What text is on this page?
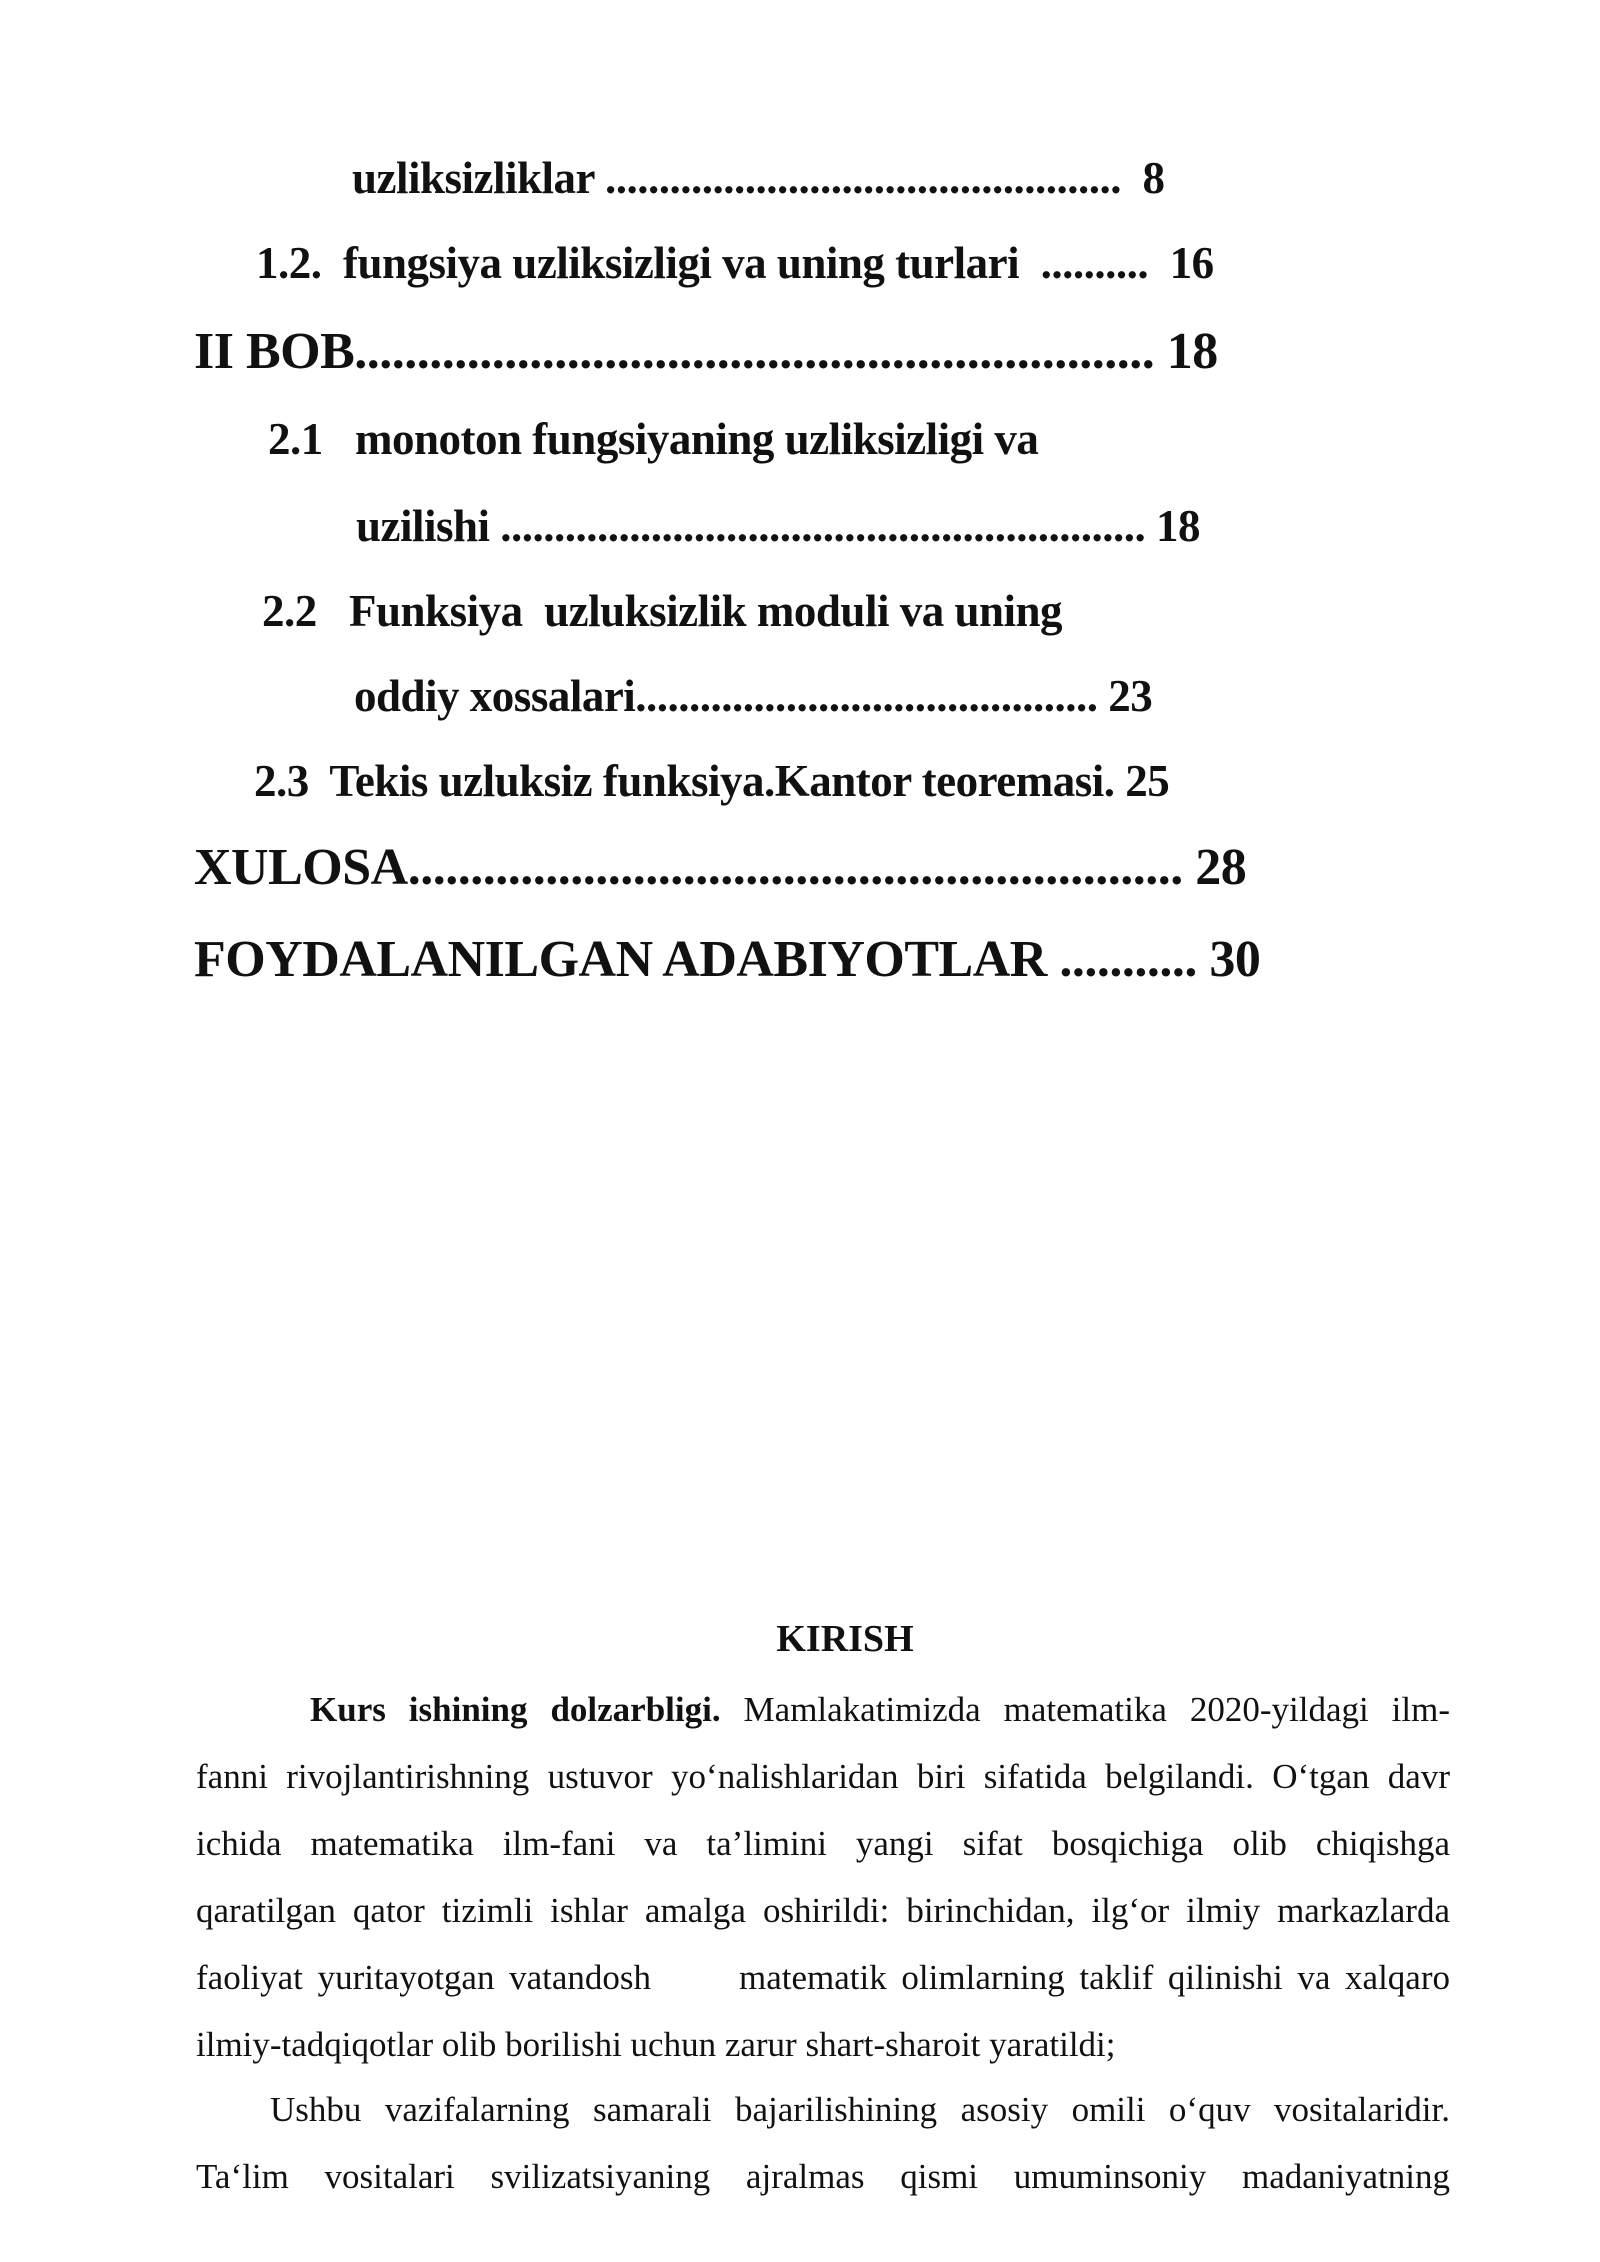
uzliksizliklar ................................................  8
1.2.  fungsiya uzliksizligi va uning turlari  ..........  16
II BOB................................................................ 18
2.1   monoton fungsiyaning uzliksizligi va
uzilishi ............................................................ 18
2.2   Funksiya  uzluksizlik moduli va uning
oddiy xossalari........................................... 23
2.3  Tekis uzluksiz funksiya.Kantor teoremasi. 25
XULOSA.............................................................. 28
FOYDALANILGAN ADABIYOTLAR ........... 30
KIRISH
Kurs ishining dolzarbligi. Mamlakatimizda matematika 2020-yildagi ilm-
fanni rivojlantirishning ustuvor yo‘nalishlaridan biri sifatida belgilandi. O‘tgan davr
ichida matematika ilm-fani va ta’limini yangi sifat bosqichiga olib chiqishga
qaratilgan qator tizimli ishlar amalga oshirildi: birinchidan, ilg‘or ilmiy markazlarda
faoliyat yuritayotgan vatandosh      matematik olimlarning taklif qilinishi va xalqaro
ilmiy-tadqiqotlar olib borilishi uchun zarur shart-sharoit yaratildi;
Ushbu vazifalarning samarali bajarilishining asosiy omili o‘quv vositalaridir.
Ta‘lim vositalari svilizatsiyaning ajralmas qismi umuminsoniy madaniyatning
